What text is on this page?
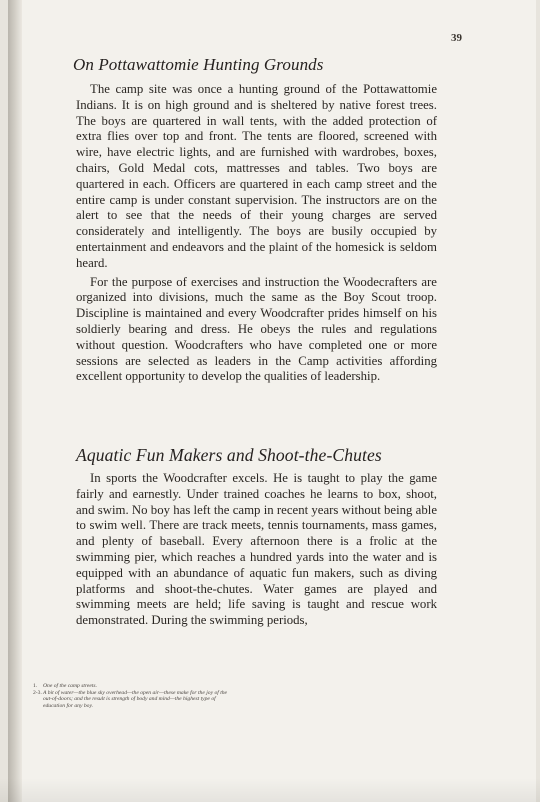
39
On Pottawattomie Hunting Grounds

The camp site was once a hunting ground of the Pottawattomie Indians. It is on high ground and is sheltered by native forest trees. The boys are quartered in wall tents, with the added protection of extra flies over top and front. The tents are floored, screened with wire, have electric lights, and are furnished with wardrobes, boxes, chairs, Gold Medal cots, mattresses and tables. Two boys are quartered in each. Officers are quartered in each camp street and the entire camp is under constant supervision. The instructors are on the alert to see that the needs of their young charges are served considerately and intelligently. The boys are busily occupied by entertainment and endeavors and the plaint of the homesick is seldom heard.

For the purpose of exercises and instruction the Woodecrafters are organized into divisions, much the same as the Boy Scout troop. Discipline is maintained and every Woodcrafter prides himself on his soldierly bearing and dress. He obeys the rules and regulations without question. Woodcrafters who have completed one or more sessions are selected as leaders in the Camp activities affording excellent opportunity to develop the qualities of leadership.

Aquatic Fun Makers and Shoot-the-Chutes

In sports the Woodcrafter excels. He is taught to play the game fairly and earnestly. Under trained coaches he learns to box, shoot, and swim. No boy has left the camp in recent years without being able to swim well. There are track meets, tennis tournaments, mass games, and plenty of baseball. Every afternoon there is a frolic at the swimming pier, which reaches a hundred yards into the water and is equipped with an abundance of aquatic fun makers, such as diving platforms and shoot-the-chutes. Water games are played and swimming meets are held; life saving is taught and rescue work demonstrated. During the swimming periods,

1.	One of the camp streets.
2-3. A bit of water—the blue sky overhead—the open air—these make for the joy of the out-of-doors; and the result is strength of body and mind—the highest type of education for any boy.
